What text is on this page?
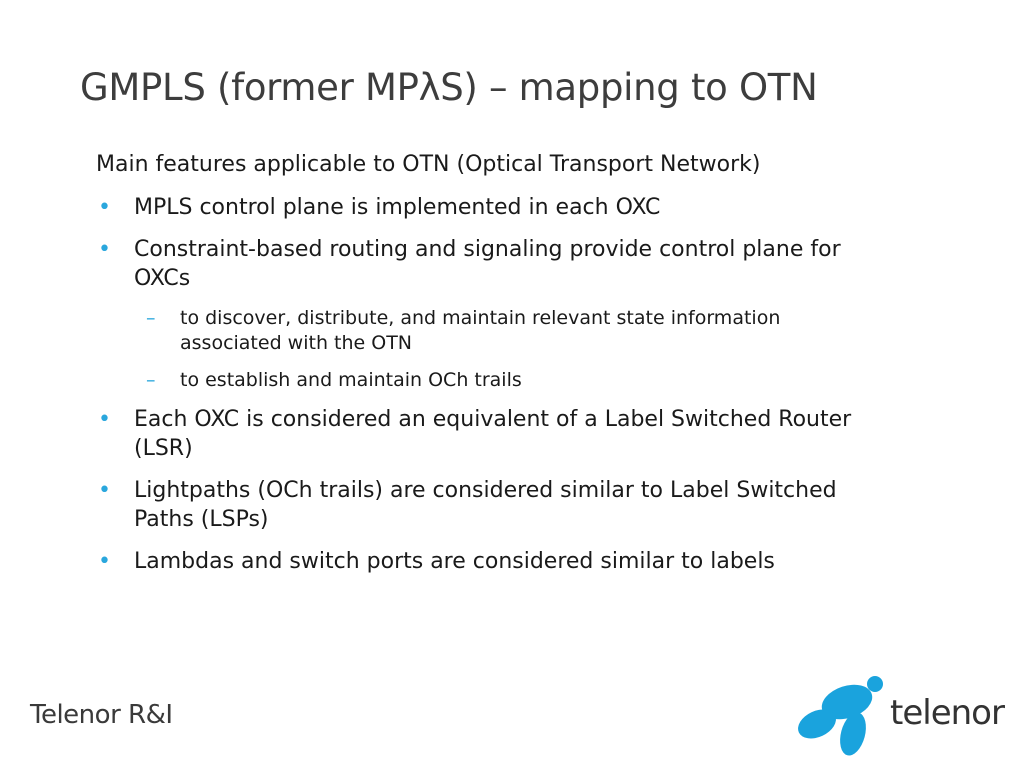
GMPLS (former MPλS) – mapping to OTN
Main features applicable to OTN (Optical Transport Network)
• MPLS control plane is implemented in each OXC
• Constraint-based routing and signaling provide control plane for OXCs
– to discover, distribute, and maintain relevant state information associated with the OTN
– to establish and maintain OCh trails
• Each OXC is considered an equivalent of a Label Switched Router (LSR)
• Lightpaths (OCh trails) are considered similar to Label Switched Paths (LSPs)
• Lambdas and switch ports are considered similar to labels
Telenor R&I	telenor
